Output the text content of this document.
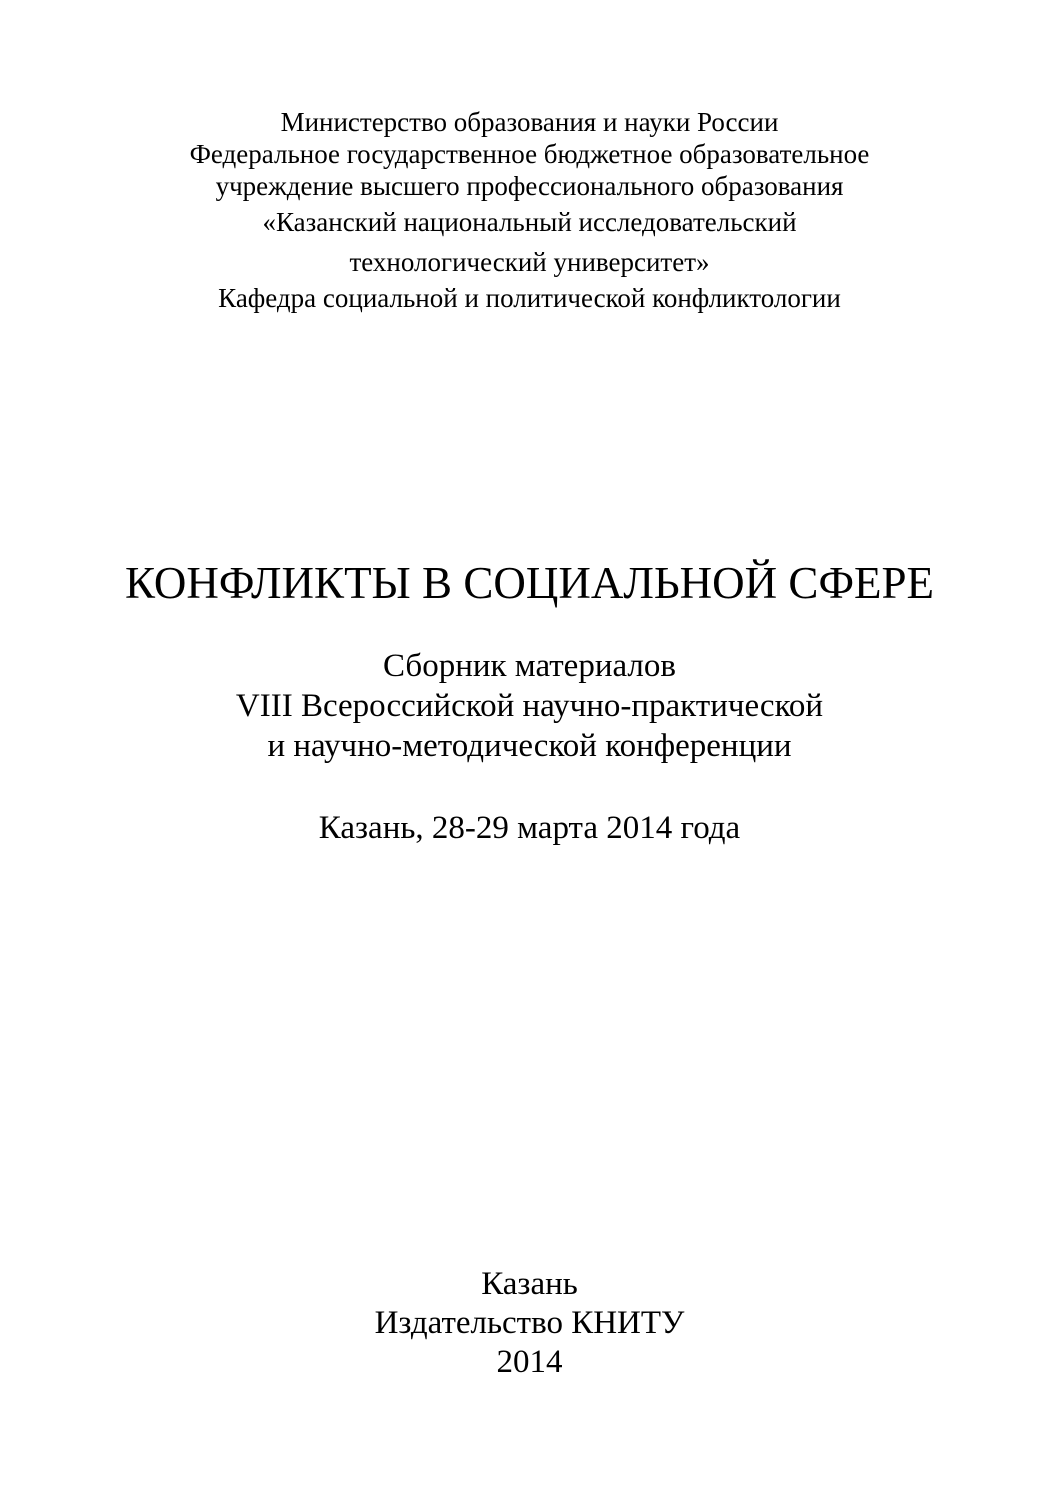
Министерство образования и науки России
Федеральное государственное бюджетное образовательное
учреждение высшего профессионального образования
«Казанский национальный исследовательский
технологический университет»
Кафедра социальной и политической конфликтологии
КОНФЛИКТЫ В СОЦИАЛЬНОЙ СФЕРЕ
Сборник материалов
VIII Всероссийской научно-практической
и научно-методической конференции
Казань, 28-29 марта 2014 года
Казань
Издательство КНИТУ
2014
